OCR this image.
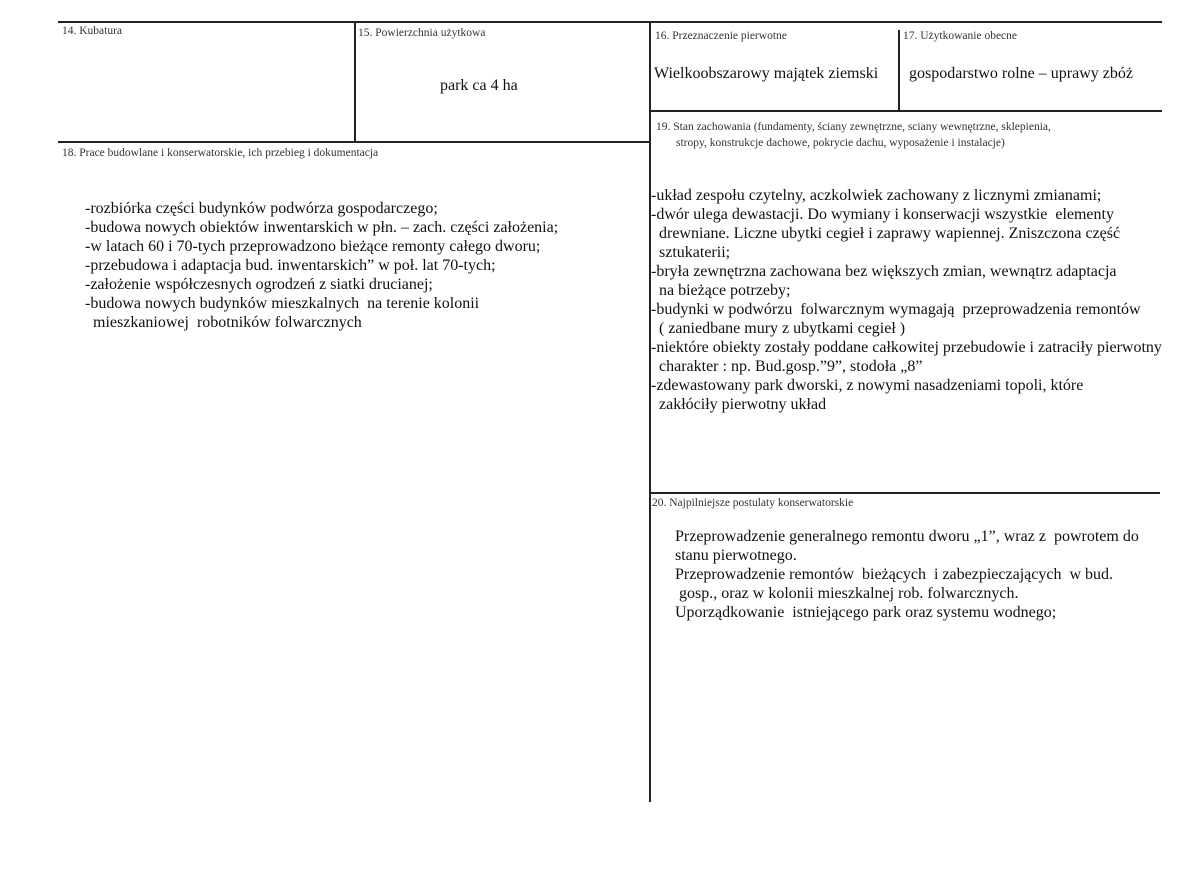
14. Kubatura	15. Powierzchnia użytkowa
park ca 4 ha
16. Przeznaczenie pierwotne
Wielkoobszarowy majątek ziemski
17. Użytkowanie obecne
gospodarstwo rolne – uprawy zbóż
18. Prace budowlane i konserwatorskie, ich przebieg i dokumentacja
-rozbiórka części budynków podwórza gospodarczego;
-budowa nowych obiektów inwentarskich w płn. – zach. części założenia;
-w latach 60 i 70-tych przeprowadzono bieżące remonty całego dworu;
-przebudowa i adaptacja bud. inwentarskich” w poł. lat 70-tych;
-założenie współczesnych ogrodzeń z siatki drucianej;
-budowa nowych budynków mieszkalnych  na terenie kolonii
mieszkaniowej  robotników folwarcznych
19. Stan zachowania (fundamenty, ściany zewnętrzne, sciany wewnętrzne, sklepienia,
stropy, konstrukcje dachowe, pokrycie dachu, wyposażenie i instalacje)
-układ zespołu czytelny, aczkolwiek zachowany z licznymi zmianami;
-dwór ulega dewastacji. Do wymiany i konserwacji wszystkie  elementy
drewniane. Liczne ubytki cegieł i zaprawy wapiennej. Zniszczona część
sztukaterii;
-bryła zewnętrzna zachowana bez większych zmian, wewnątrz adaptacja
na bieżące potrzeby;
-budynki w podwórzu  folwarcznym wymagają  przeprowadzenia remontów
( zaniedbane mury z ubytkami cegieł )
-niektóre obiekty zostały poddane całkowitej przebudowie i zatraciły pierwotny
charakter : np. Bud.gosp.”9”, stodoła „8”
-zdewastowany park dworski, z nowymi nasadzeniami topoli, które
zakłóciły pierwotny układ
20. Najpilniejsze postulaty konserwatorskie
Przeprowadzenie generalnego remontu dworu „1”, wraz z  powrotem do
stanu pierwotnego.
Przeprowadzenie remontów  bieżących  i zabezpieczających  w bud.
gosp., oraz w kolonii mieszkalnej rob. folwarcznych.
Uporządkowanie  istniejącego park oraz systemu wodnego;
